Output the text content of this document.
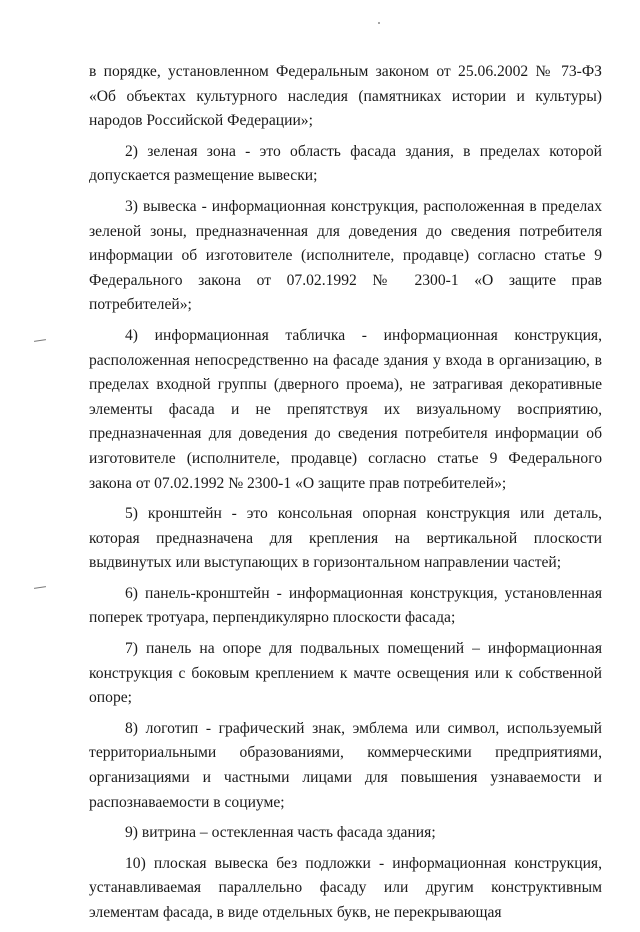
в порядке, установленном Федеральным законом от 25.06.2002 № 73-ФЗ «Об объектах культурного наследия (памятниках истории и культуры) народов Российской Федерации»;

2) зеленая зона - это область фасада здания, в пределах которой допускается размещение вывески;

3) вывеска - информационная конструкция, расположенная в пределах зеленой зоны, предназначенная для доведения до сведения потребителя информации об изготовителе (исполнителе, продавце) согласно статье 9 Федерального закона от 07.02.1992 № 2300-1 «О защите прав потребителей»;

4) информационная табличка - информационная конструкция, расположенная непосредственно на фасаде здания у входа в организацию, в пределах входной группы (дверного проема), не затрагивая декоративные элементы фасада и не препятствуя их визуальному восприятию, предназначенная для доведения до сведения потребителя информации об изготовителе (исполнителе, продавце) согласно статье 9 Федерального закона от 07.02.1992 № 2300-1 «О защите прав потребителей»;

5) кронштейн - это консольная опорная конструкция или деталь, которая предназначена для крепления на вертикальной плоскости выдвинутых или выступающих в горизонтальном направлении частей;

6) панель-кронштейн - информационная конструкция, установленная поперек тротуара, перпендикулярно плоскости фасада;

7) панель на опоре для подвальных помещений – информационная конструкция с боковым креплением к мачте освещения или к собственной опоре;

8) логотип - графический знак, эмблема или символ, используемый территориальными образованиями, коммерческими предприятиями, организациями и частными лицами для повышения узнаваемости и распознаваемости в социуме;

9) витрина – остекленная часть фасада здания;

10) плоская вывеска без подложки - информационная конструкция, устанавливаемая параллельно фасаду или другим конструктивным элементам фасада, в виде отдельных букв, не перекрывающая
